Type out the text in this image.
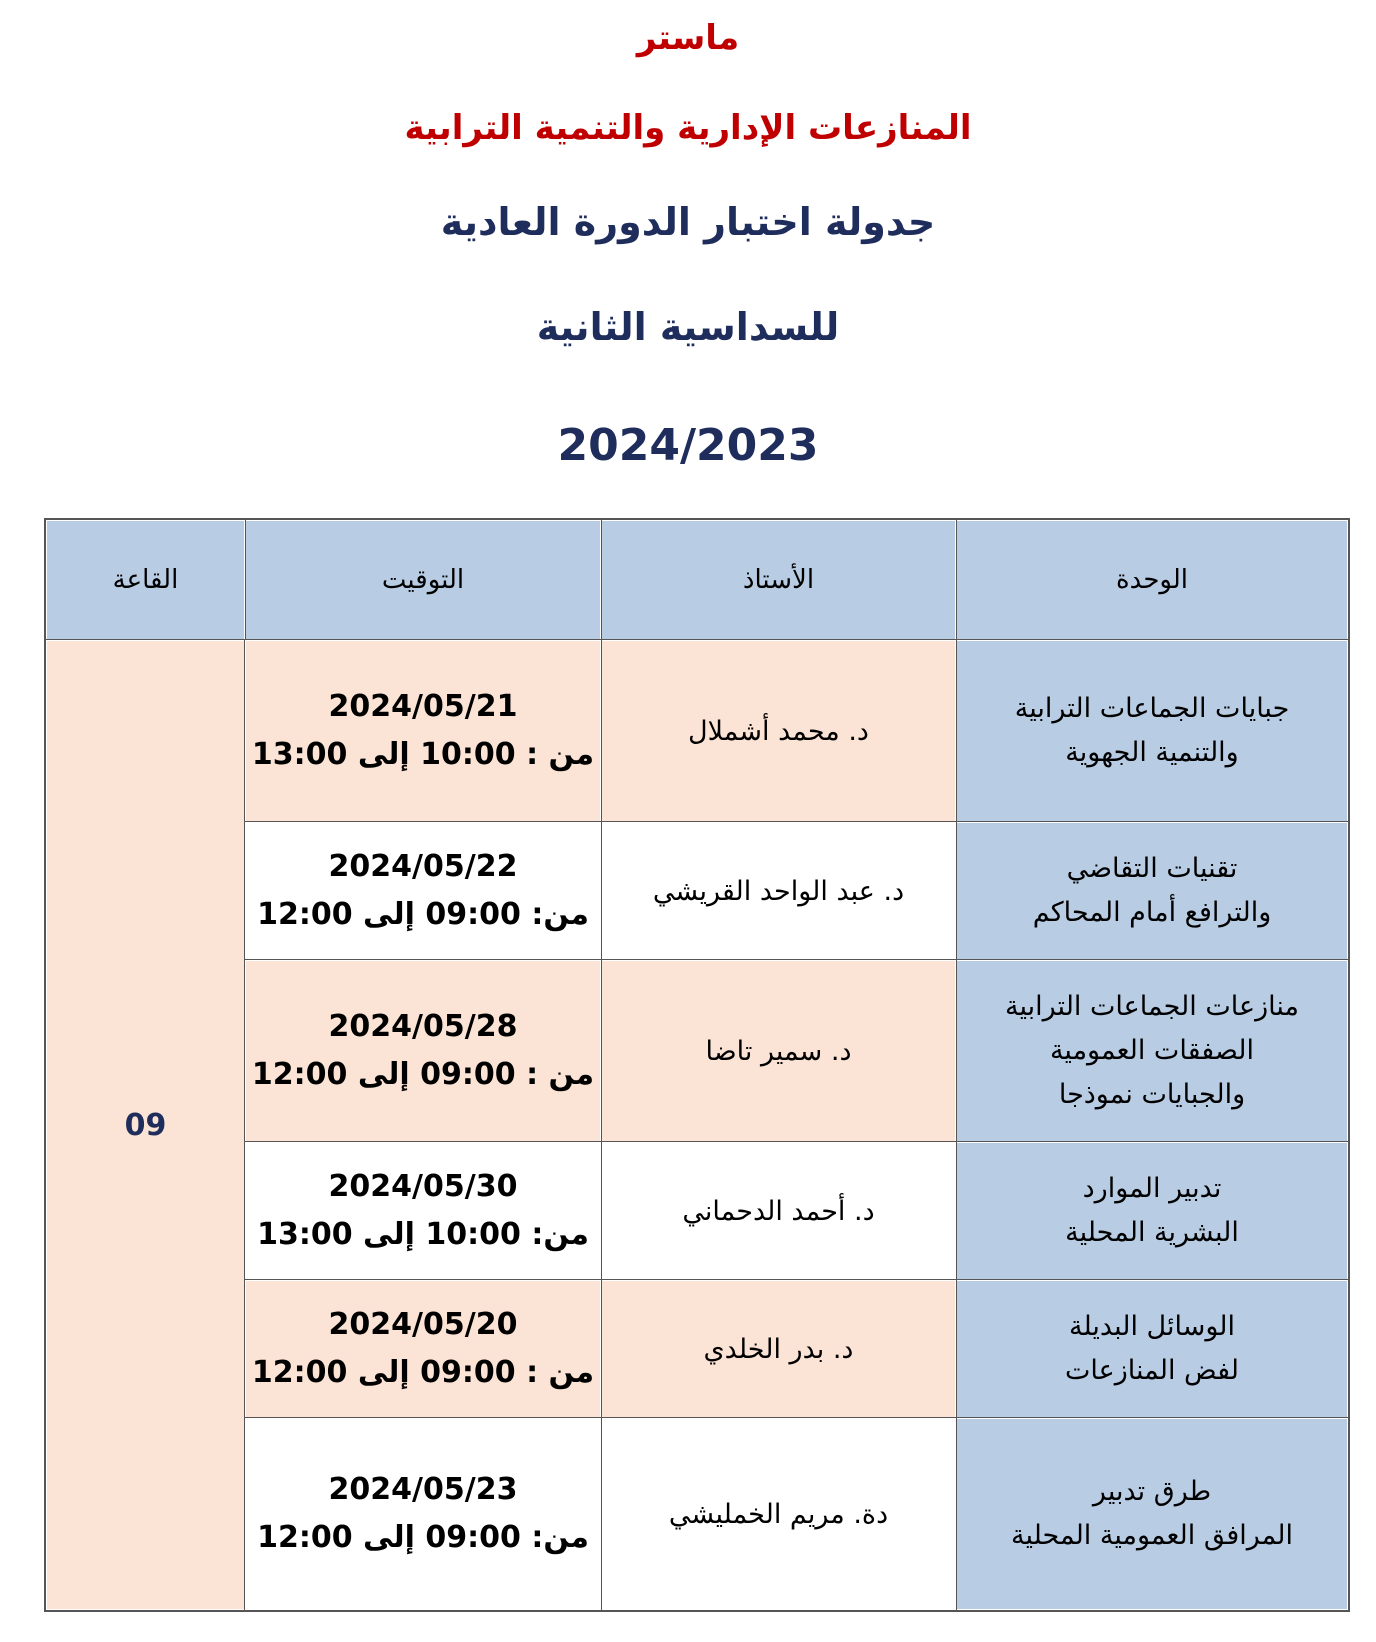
ماستر
المنازعات الإدارية والتنمية الترابية
جدولة اختبار الدورة العادية
للسداسية الثانية
2024/2023
الوحدة
الأستاذ
التوقيت
القاعة
09
جبايات الجماعات الترابية
والتنمية الجهوية
د. محمد أشملال
2024/05/21
من : 10:00 إلى 13:00
تقنيات التقاضي
والترافع أمام المحاكم
د. عبد الواحد القريشي
2024/05/22
من: 09:00 إلى 12:00
منازعات الجماعات الترابية
الصفقات العمومية
والجبايات نموذجا
د. سمير تاضا
2024/05/28
من : 09:00 إلى 12:00
تدبير الموارد
البشرية المحلية
د. أحمد الدحماني
2024/05/30
من: 10:00 إلى 13:00
الوسائل البديلة
لفض المنازعات
د. بدر الخلدي
2024/05/20
من : 09:00 إلى 12:00
طرق تدبير
المرافق العمومية المحلية
دة. مريم الخمليشي
2024/05/23
من: 09:00 إلى 12:00
